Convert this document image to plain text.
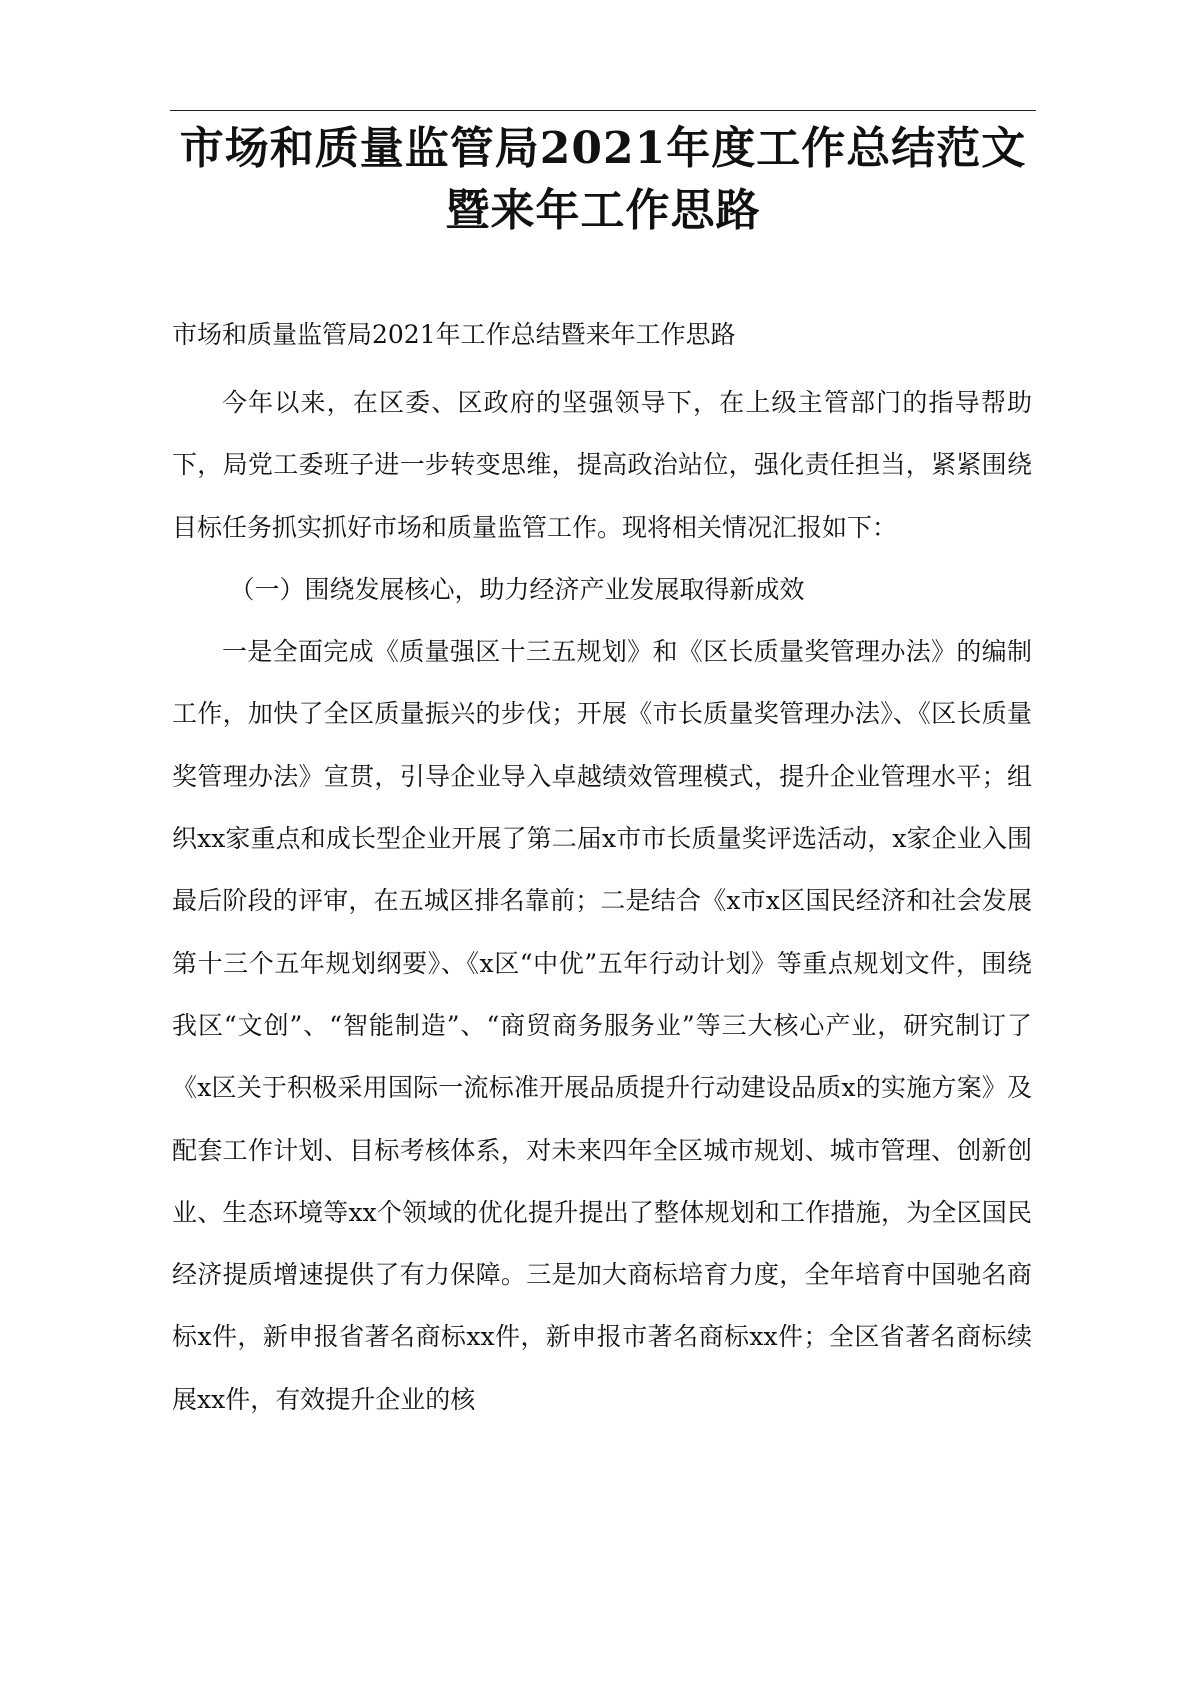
市场和质量监管局2021年度工作总结范文
暨来年工作思路
市场和质量监管局2021年工作总结暨来年工作思路

今年以来，在区委、区政府的坚强领导下，在上级主管部门的指导帮助下，局党工委班子进一步转变思维，提高政治站位，强化责任担当，紧紧围绕目标任务抓实抓好市场和质量监管工作。现将相关情况汇报如下：

（一）围绕发展核心，助力经济产业发展取得新成效

一是全面完成《质量强区十三五规划》和《区长质量奖管理办法》的编制工作，加快了全区质量振兴的步伐；开展《市长质量奖管理办法》、《区长质量奖管理办法》宣贯，引导企业导入卓越绩效管理模式，提升企业管理水平；组织xx家重点和成长型企业开展了第二届x市市长质量奖评选活动，x家企业入围最后阶段的评审，在五城区排名靠前；二是结合《x市x区国民经济和社会发展第十三个五年规划纲要》、《x区“中优”五年行动计划》等重点规划文件，围绕我区“文创”、“智能制造”、“商贸商务服务业”等三大核心产业，研究制订了《x区关于积极采用国际一流标准开展品质提升行动建设品质x的实施方案》及配套工作计划、目标考核体系，对未来四年全区城市规划、城市管理、创新创业、生态环境等xx个领域的优化提升提出了整体规划和工作措施，为全区国民经济提质增速提供了有力保障。三是加大商标培育力度，全年培育中国驰名商标x件，新申报省著名商标xx件，新申报市著名商标xx件；全区省著名商标续展xx件，有效提升企业的核
